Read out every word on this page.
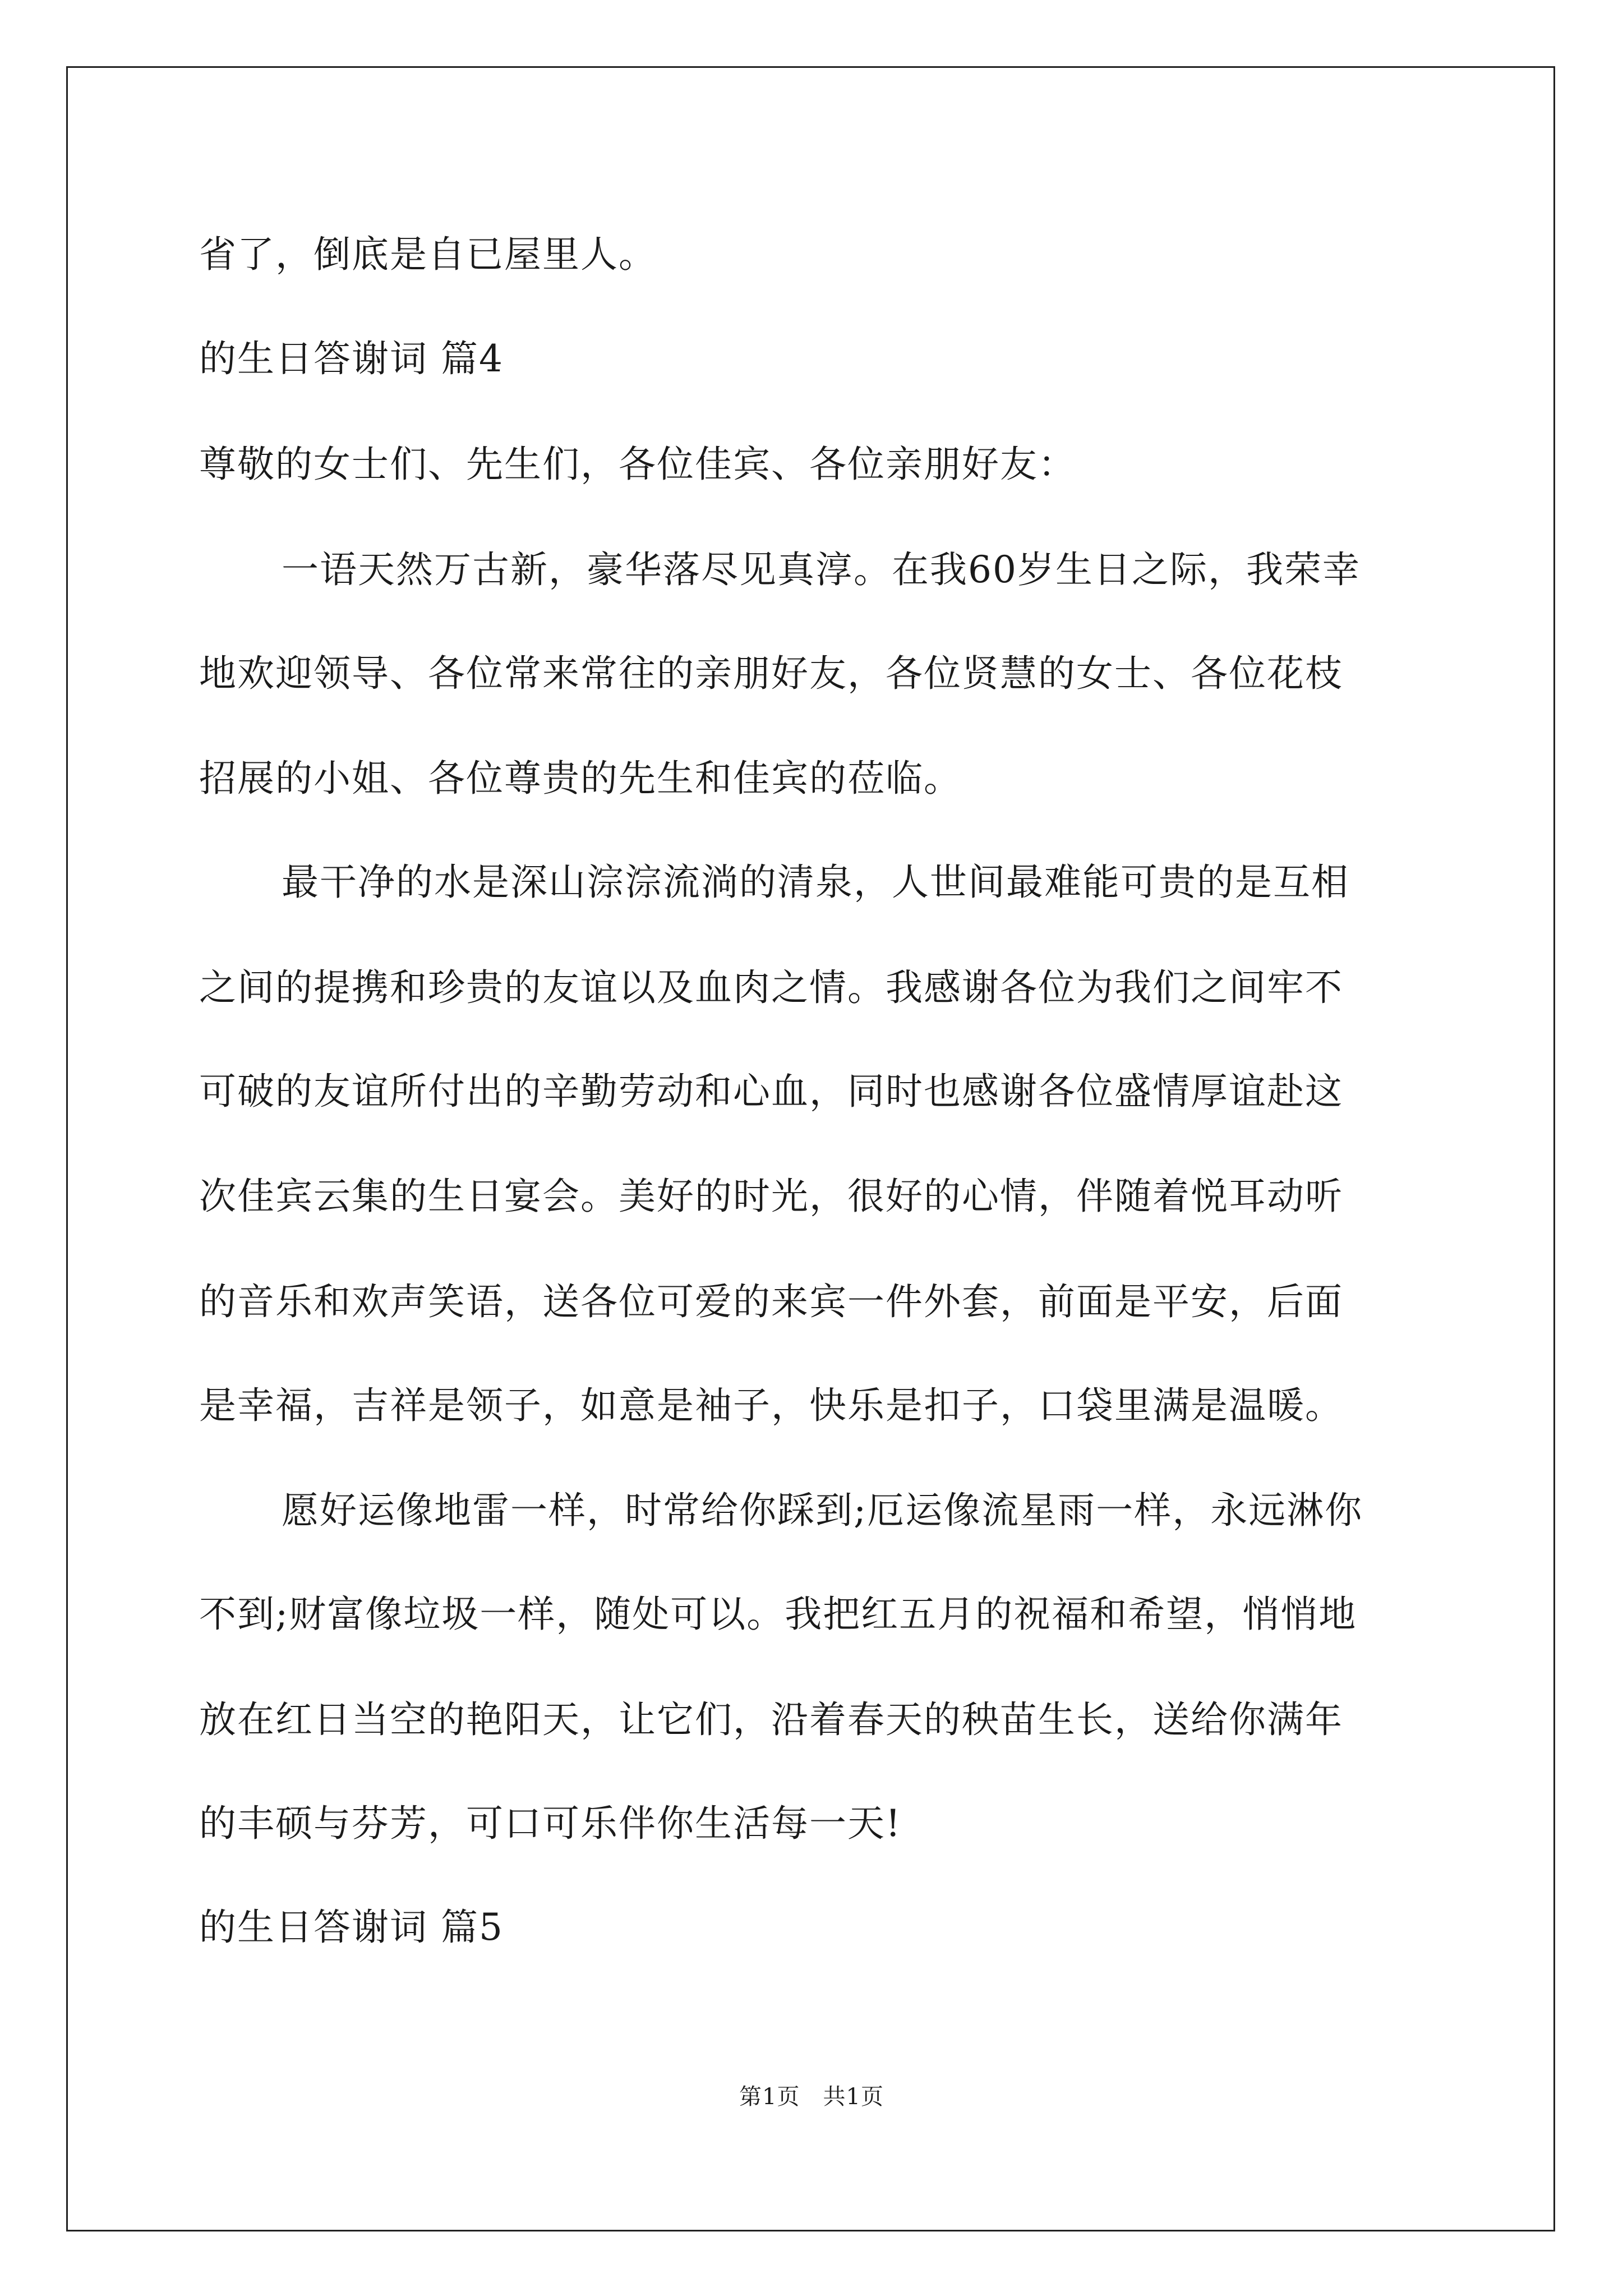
省了，倒底是自已屋里人。
的生日答谢词 篇4
尊敬的女士们、先生们，各位佳宾、各位亲朋好友：
一语天然万古新，豪华落尽见真淳。在我60岁生日之际，我荣幸
地欢迎领导、各位常来常往的亲朋好友，各位贤慧的女士、各位花枝
招展的小姐、各位尊贵的先生和佳宾的莅临。
最干净的水是深山淙淙流淌的清泉，人世间最难能可贵的是互相
之间的提携和珍贵的友谊以及血肉之情。我感谢各位为我们之间牢不
可破的友谊所付出的辛勤劳动和心血，同时也感谢各位盛情厚谊赴这
次佳宾云集的生日宴会。美好的时光，很好的心情，伴随着悦耳动听
的音乐和欢声笑语，送各位可爱的来宾一件外套，前面是平安，后面
是幸福，吉祥是领子，如意是袖子，快乐是扣子，口袋里满是温暖。
愿好运像地雷一样，时常给你踩到;厄运像流星雨一样，永远淋你
不到;财富像垃圾一样，随处可以。我把红五月的祝福和希望，悄悄地
放在红日当空的艳阳天，让它们，沿着春天的秧苗生长，送给你满年
的丰硕与芬芳，可口可乐伴你生活每一天!
的生日答谢词 篇5
第1页　共1页
